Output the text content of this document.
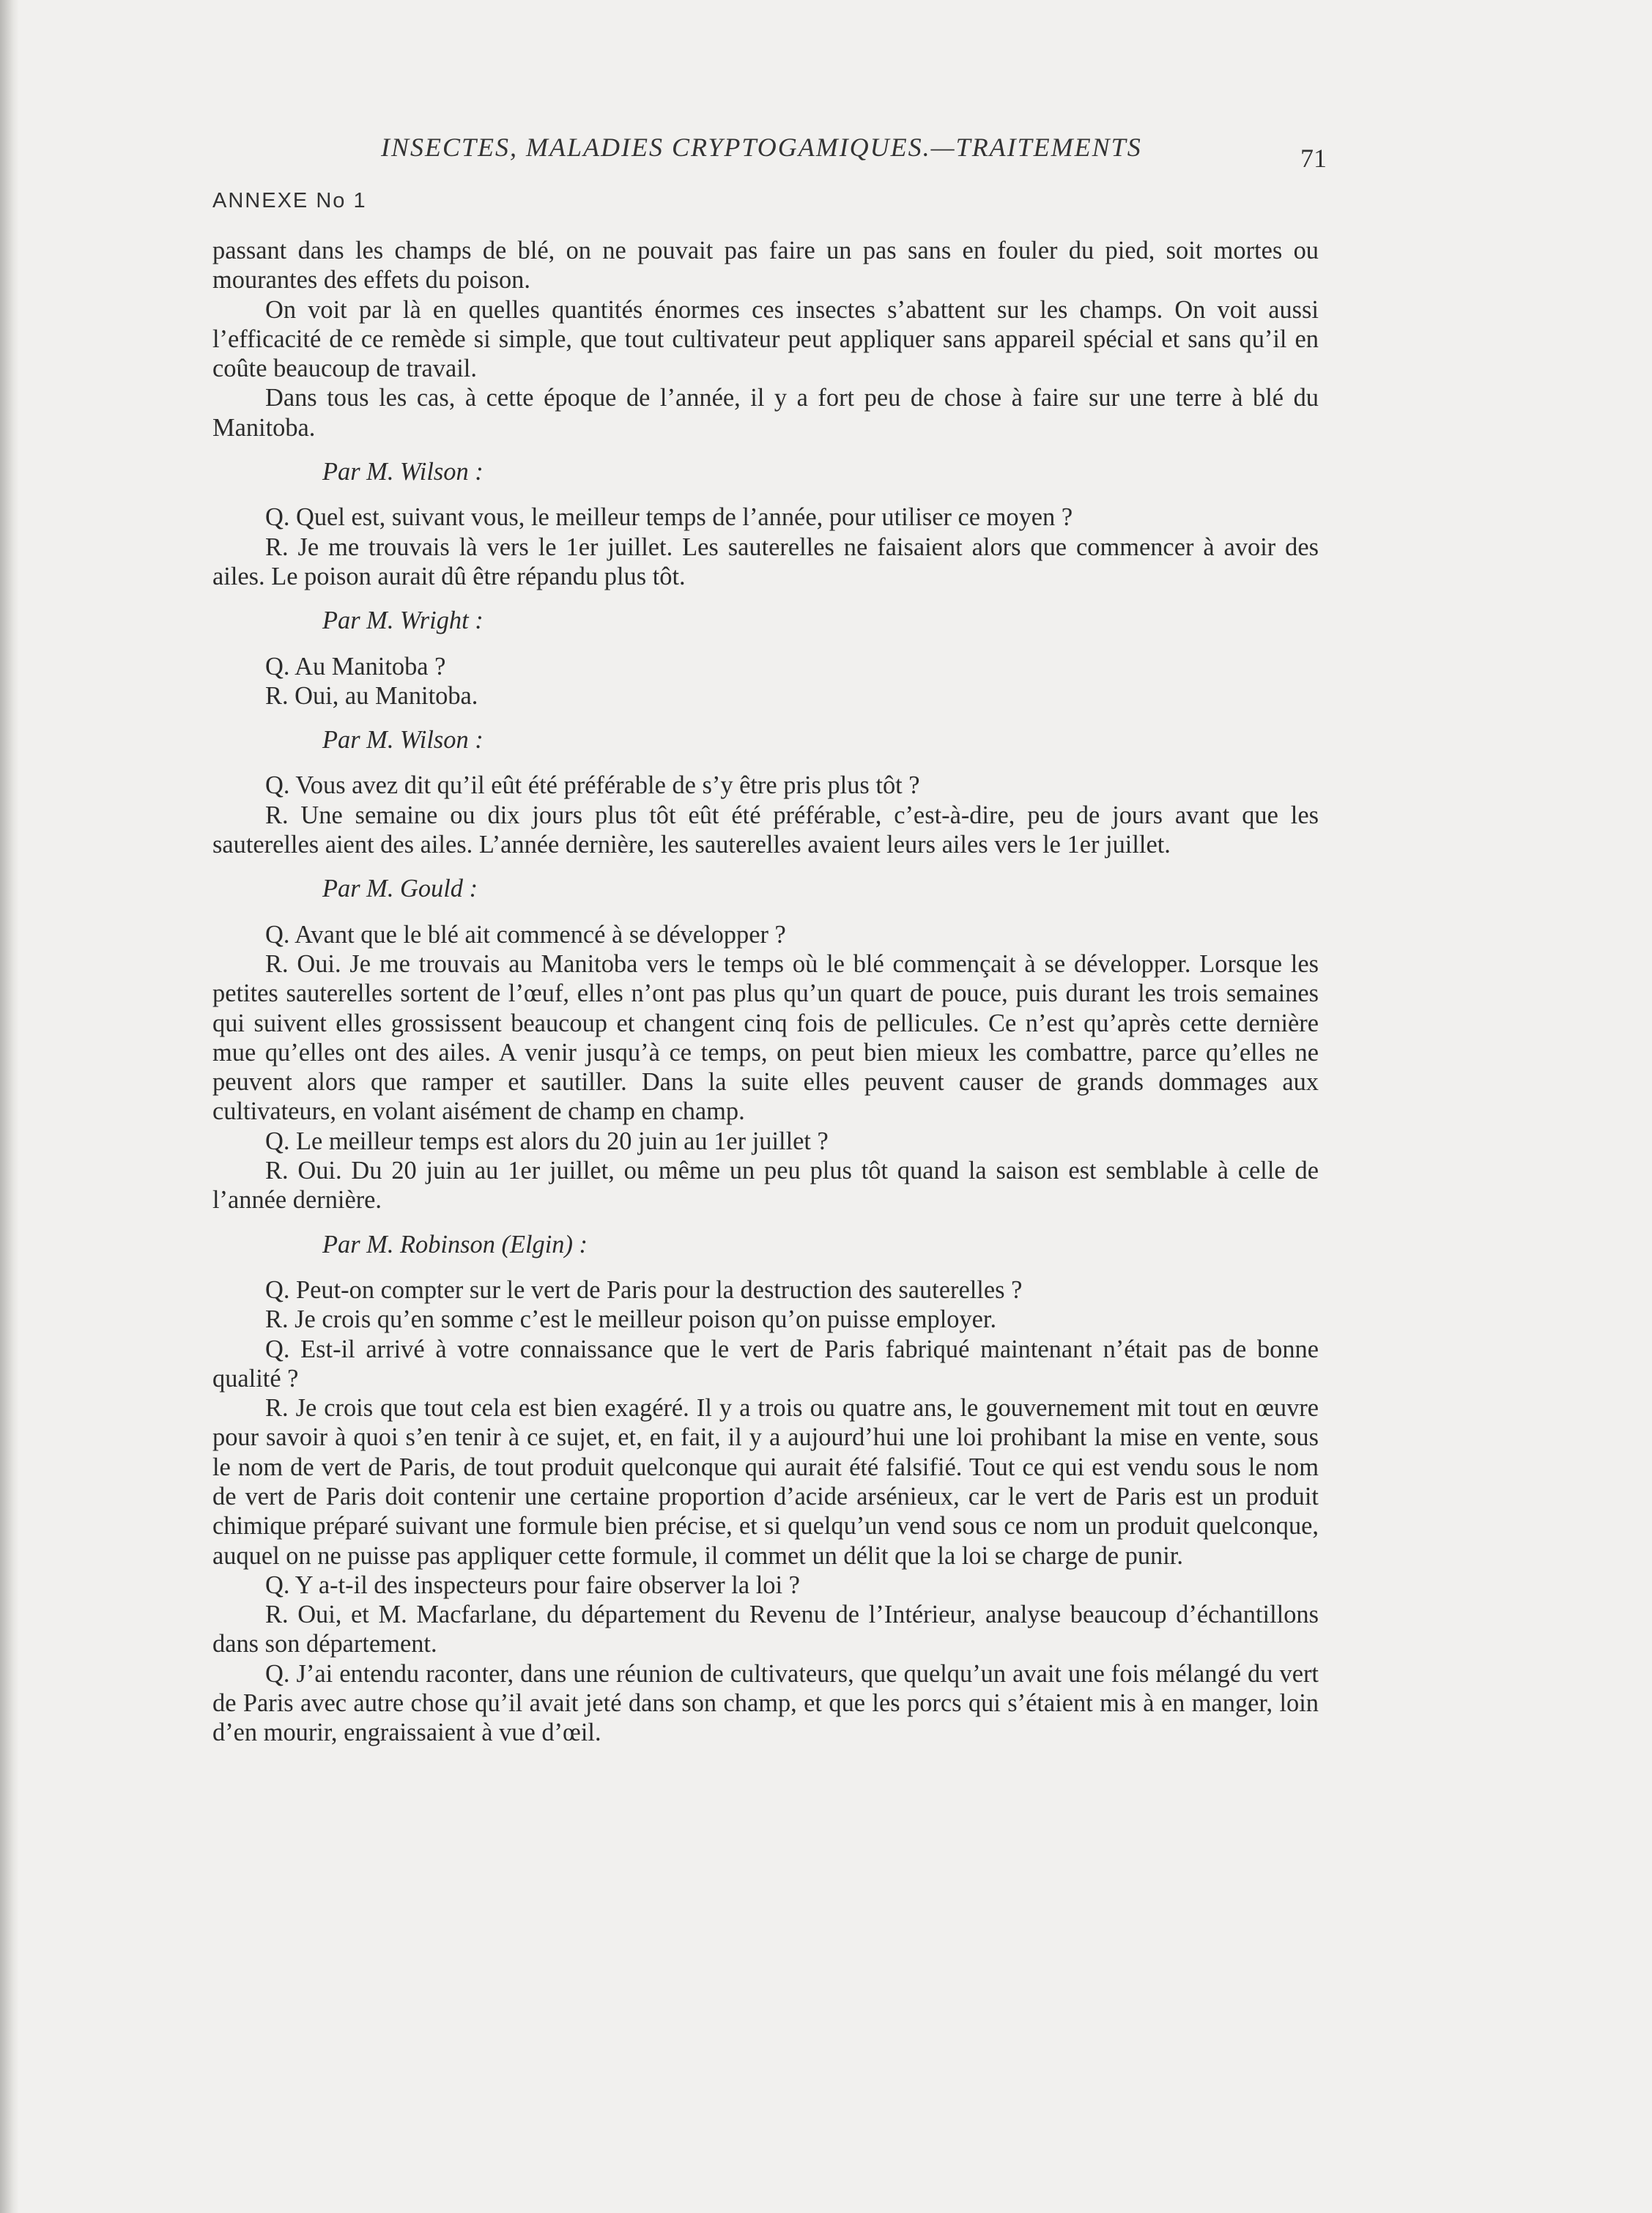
INSECTES, MALADIES CRYPTOGAMIQUES.—TRAITEMENTS	71
ANNEXE No 1

passant dans les champs de blé, on ne pouvait pas faire un pas sans en fouler du pied, soit mortes ou mourantes des effets du poison.

On voit par là en quelles quantités énormes ces insectes s’abattent sur les champs. On voit aussi l’efficacité de ce remède si simple, que tout cultivateur peut appliquer sans appareil spécial et sans qu’il en coûte beaucoup de travail.

Dans tous les cas, à cette époque de l’année, il y a fort peu de chose à faire sur une terre à blé du Manitoba.

Par M. Wilson :

Q. Quel est, suivant vous, le meilleur temps de l’année, pour utiliser ce moyen ?

R. Je me trouvais là vers le 1er juillet. Les sauterelles ne faisaient alors que commencer à avoir des ailes. Le poison aurait dû être répandu plus tôt.

Par M. Wright :

Q. Au Manitoba ?

R. Oui, au Manitoba.

Par M. Wilson :

Q. Vous avez dit qu’il eût été préférable de s’y être pris plus tôt ?

R. Une semaine ou dix jours plus tôt eût été préférable, c’est-à-dire, peu de jours avant que les sauterelles aient des ailes. L’année dernière, les sauterelles avaient leurs ailes vers le 1er juillet.

Par M. Gould :

Q. Avant que le blé ait commencé à se développer ?

R. Oui. Je me trouvais au Manitoba vers le temps où le blé commençait à se développer. Lorsque les petites sauterelles sortent de l’œuf, elles n’ont pas plus qu’un quart de pouce, puis durant les trois semaines qui suivent elles grossissent beaucoup et changent cinq fois de pellicules. Ce n’est qu’après cette dernière mue qu’elles ont des ailes. A venir jusqu’à ce temps, on peut bien mieux les combattre, parce qu’elles ne peuvent alors que ramper et sautiller. Dans la suite elles peuvent causer de grands dommages aux cultivateurs, en volant aisément de champ en champ.

Q. Le meilleur temps est alors du 20 juin au 1er juillet ?

R. Oui. Du 20 juin au 1er juillet, ou même un peu plus tôt quand la saison est semblable à celle de l’année dernière.

Par M. Robinson (Elgin) :

Q. Peut-on compter sur le vert de Paris pour la destruction des sauterelles ?

R. Je crois qu’en somme c’est le meilleur poison qu’on puisse employer.

Q. Est-il arrivé à votre connaissance que le vert de Paris fabriqué maintenant n’était pas de bonne qualité ?

R. Je crois que tout cela est bien exagéré. Il y a trois ou quatre ans, le gouvernement mit tout en œuvre pour savoir à quoi s’en tenir à ce sujet, et, en fait, il y a aujourd’hui une loi prohibant la mise en vente, sous le nom de vert de Paris, de tout produit quelconque qui aurait été falsifié. Tout ce qui est vendu sous le nom de vert de Paris doit contenir une certaine proportion d’acide arsénieux, car le vert de Paris est un produit chimique préparé suivant une formule bien précise, et si quelqu’un vend sous ce nom un produit quelconque, auquel on ne puisse pas appliquer cette formule, il commet un délit que la loi se charge de punir.

Q. Y a-t-il des inspecteurs pour faire observer la loi ?

R. Oui, et M. Macfarlane, du département du Revenu de l’Intérieur, analyse beaucoup d’échantillons dans son département.

Q. J’ai entendu raconter, dans une réunion de cultivateurs, que quelqu’un avait une fois mélangé du vert de Paris avec autre chose qu’il avait jeté dans son champ, et que les porcs qui s’étaient mis à en manger, loin d’en mourir, engraissaient à vue d’œil.
